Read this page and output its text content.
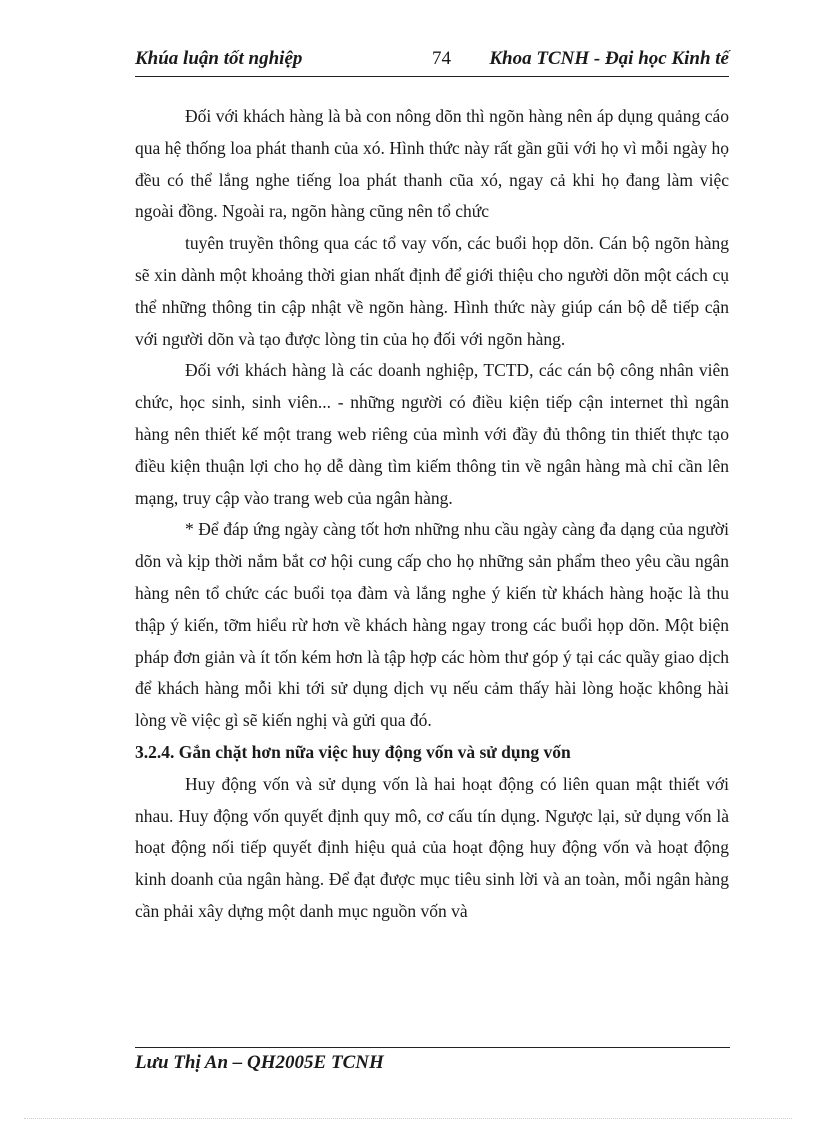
Khúa luận tốt nghiệp	74 Khoa TCNH - Đại học Kinh tế

Đối với khách hàng là bà con nông dõn thì ngõn hàng nên áp dụng quảng cáo qua hệ thống loa phát thanh của xó. Hình thức này rất gần gũi với họ vì mỗi ngày họ đều có thể lắng nghe tiếng loa phát thanh cũa xó, ngay cả khi họ đang làm việc ngoài đồng. Ngoài ra, ngõn hàng cũng nên tổ chức

tuyên truyền thông qua các tổ vay vốn, các buổi họp dõn. Cán bộ ngõn hàng sẽ xin dành một khoảng thời gian nhất định để giới thiệu cho người dõn một cách cụ thể những thông tin cập nhật về ngõn hàng. Hình thức này giúp cán bộ dễ tiếp cận với người dõn và tạo được lòng tin của họ đối với ngõn hàng.

Đối với khách hàng là các doanh nghiệp, TCTD, các cán bộ công nhân viên chức, học sinh, sinh viên... - những người có điều kiện tiếp cận internet thì ngân hàng nên thiết kế một trang web riêng của mình với đầy đủ thông tin thiết thực tạo điều kiện thuận lợi cho họ dễ dàng tìm kiếm thông tin về ngân hàng mà chỉ cần lên mạng, truy cập vào trang web của ngân hàng.

* Để đáp ứng ngày càng tốt hơn những nhu cầu ngày càng đa dạng của người dõn và kịp thời nắm bắt cơ hội cung cấp cho họ những sản phẩm theo yêu cầu ngân hàng nên tổ chức các buổi tọa đàm và lắng nghe ý kiến từ khách hàng hoặc là thu thập ý kiến, tỡm hiểu rừ hơn về khách hàng ngay trong các buổi họp dõn. Một biện pháp đơn giản và ít tốn kém hơn là tập hợp các hòm thư góp ý tại các quầy giao dịch để khách hàng mỗi khi tới sử dụng dịch vụ nếu cảm thấy hài lòng hoặc không hài lòng về việc gì sẽ kiến nghị và gửi qua đó.

3.2.4. Gắn chặt hơn nữa việc huy động vốn và sử dụng vốn

Huy động vốn và sử dụng vốn là hai hoạt động có liên quan mật thiết với nhau. Huy động vốn quyết định quy mô, cơ cấu tín dụng. Ngược lại, sử dụng vốn là hoạt động nối tiếp quyết định hiệu quả của hoạt động huy động vốn và hoạt động kinh doanh của ngân hàng. Để đạt được mục tiêu sinh lời và an toàn, mỗi ngân hàng cần phải xây dựng một danh mục nguồn vốn và

Lưu Thị An – QH2005E TCNH
